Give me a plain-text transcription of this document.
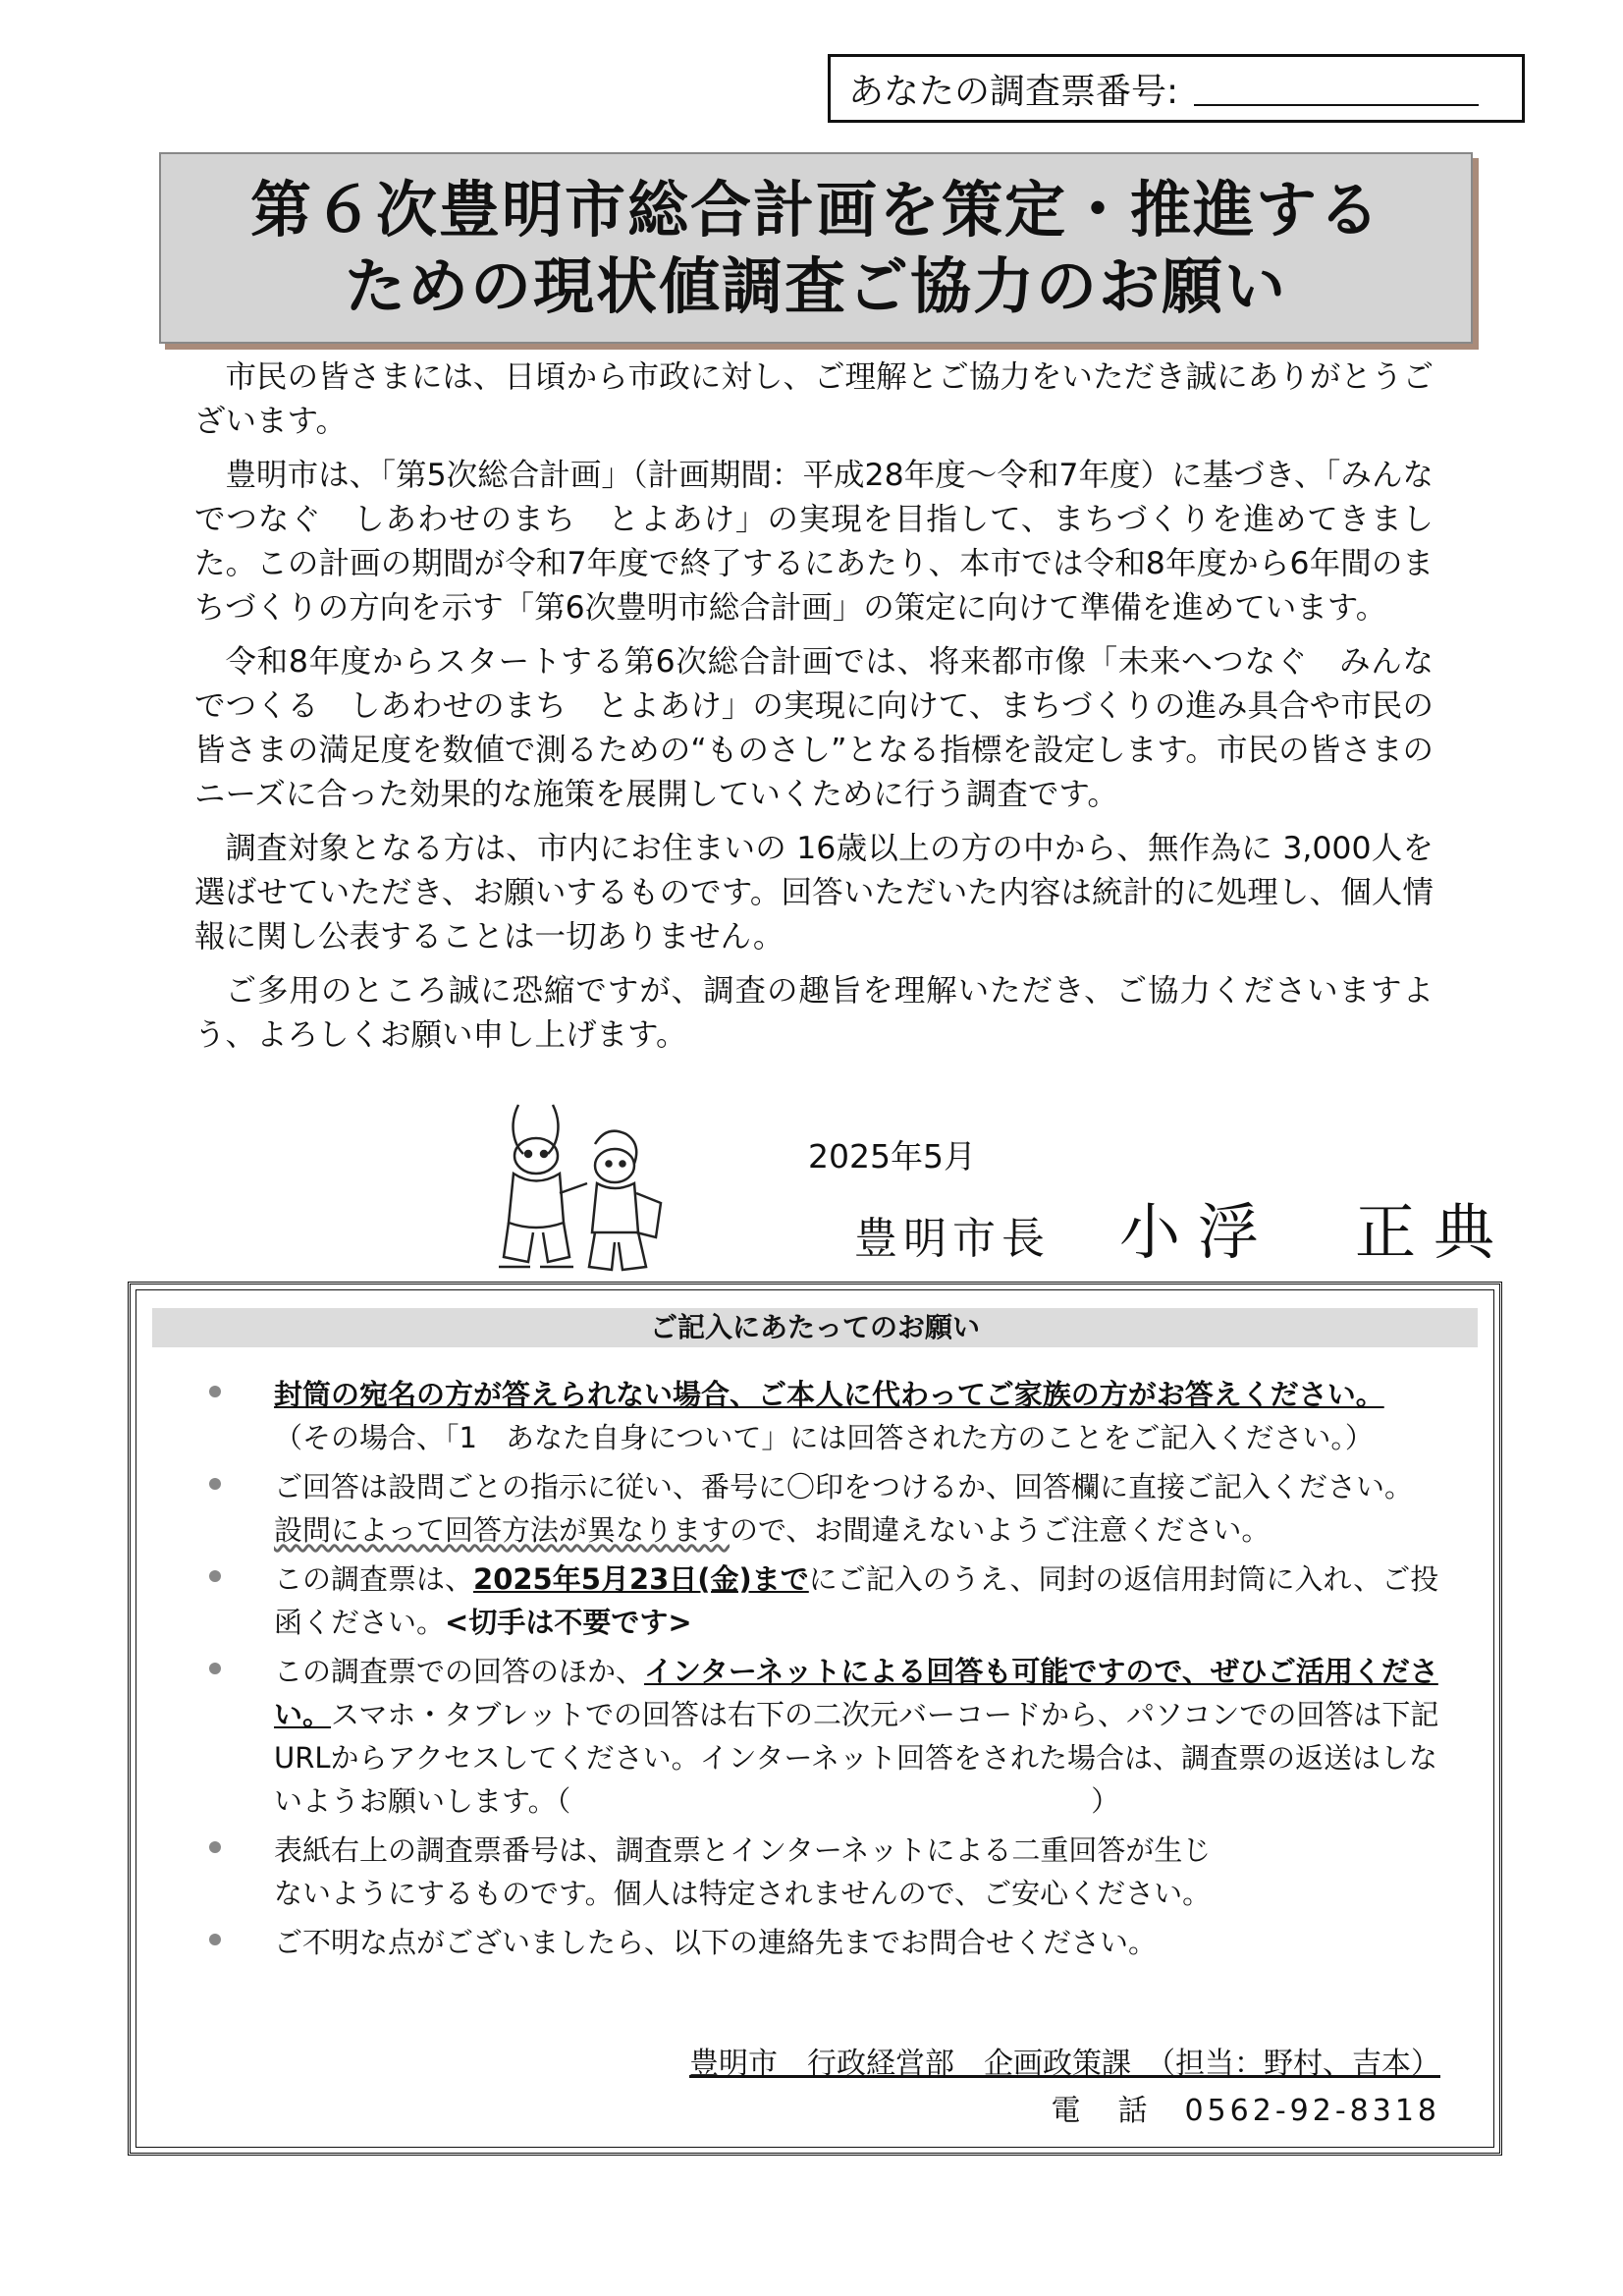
あなたの調査票番号:
第６次豊明市総合計画を策定・推進する
ための現状値調査ご協力のお願い

市民の皆さまには、日頃から市政に対し、ご理解とご協力をいただき誠にありがとうございます。

豊明市は、「第5次総合計画」（計画期間：平成28年度～令和7年度）に基づき、「みんなでつなぐ　しあわせのまち　とよあけ」の実現を目指して、まちづくりを進めてきました。この計画の期間が令和7年度で終了するにあたり、本市では令和8年度から6年間のまちづくりの方向を示す「第6次豊明市総合計画」の策定に向けて準備を進めています。

令和8年度からスタートする第6次総合計画では、将来都市像「未来へつなぐ　みんなでつくる　しあわせのまち　とよあけ」の実現に向けて、まちづくりの進み具合や市民の皆さまの満足度を数値で測るための“ものさし”となる指標を設定します。市民の皆さまのニーズに合った効果的な施策を展開していくために行う調査です。

調査対象となる方は、市内にお住まいの 16歳以上の方の中から、無作為に 3,000人を選ばせていただき、お願いするものです。回答いただいた内容は統計的に処理し、個人情報に関し公表することは一切ありません。

ご多用のところ誠に恐縮ですが、調査の趣旨を理解いただき、ご協力くださいますよう、よろしくお願い申し上げます。

2025年5月
豊明市長 小浮　正典
ご記入にあたってのお願い
封筒の宛名の方が答えられない場合、ご本人に代わってご家族の方がお答えください。
（その場合、「1　あなた自身について」には回答された方のことをご記入ください。）
ご回答は設問ごとの指示に従い、番号に〇印をつけるか、回答欄に直接ご記入ください。
設問によって回答方法が異なりますので、お間違えないようご注意ください。
この調査票は、2025年5月23日(金)までにご記入のうえ、同封の返信用封筒に入れ、ご投函ください。<切手は不要です>
この調査票での回答のほか、インターネットによる回答も可能ですので、ぜひご活用ください。スマホ・タブレットでの回答は右下の二次元バーコードから、パソコンでの回答は下記URLからアクセスしてください。インターネット回答をされた場合は、調査票の返送はしないようお願いします。（	）
表紙右上の調査票番号は、調査票とインターネットによる二重回答が生じ
ないようにするものです。個人は特定されませんので、ご安心ください。
ご不明な点がございましたら、以下の連絡先までお問合せください。
豊明市　行政経営部　企画政策課　（担当：野村、吉本）
電　話　0562-92-8318
